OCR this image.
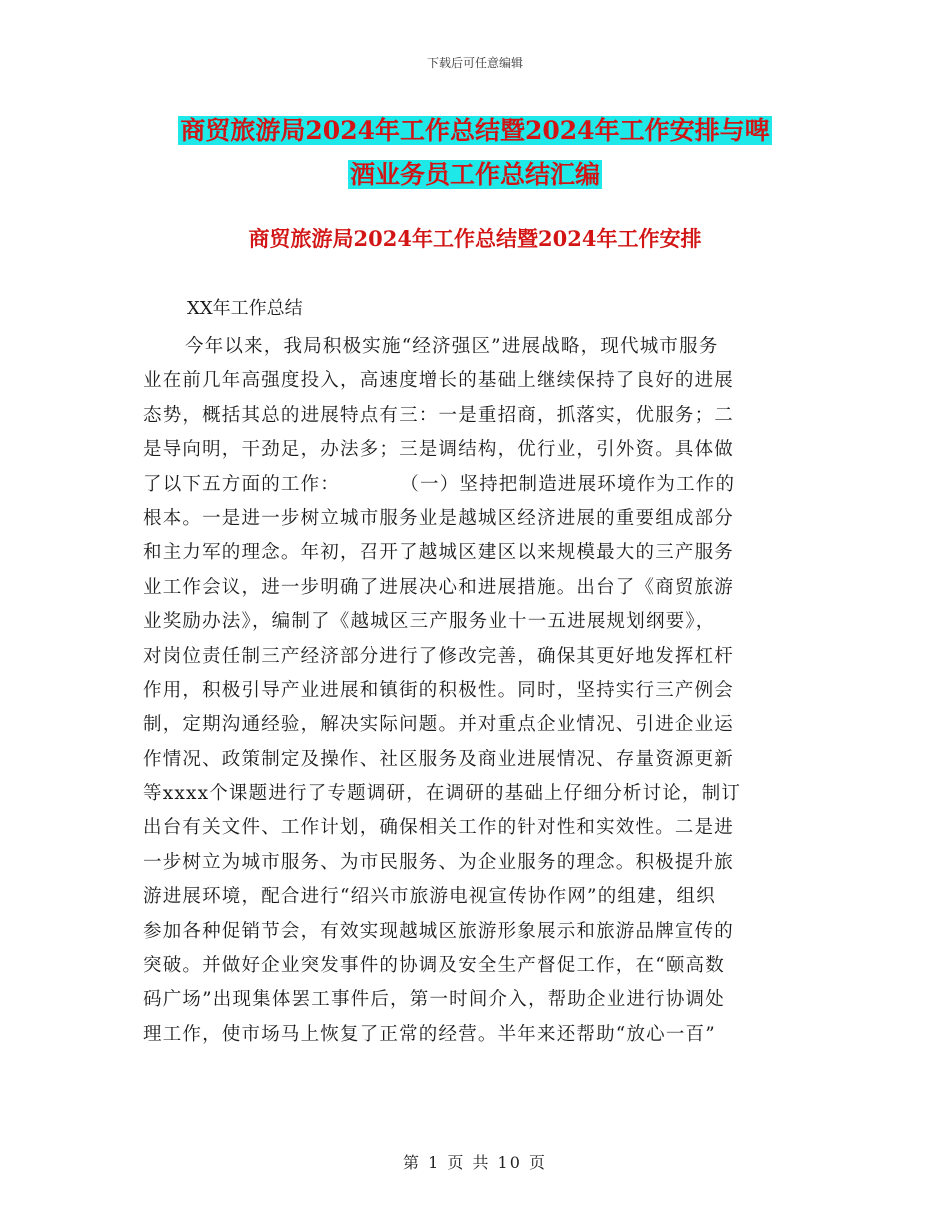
下载后可任意编辑
商贸旅游局2024年工作总结暨2024年工作安排与啤
酒业务员工作总结汇编
商贸旅游局2024年工作总结暨2024年工作安排
XX年工作总结
今年以来，我局积极实施“经济强区”进展战略，现代城市服务
业在前几年高强度投入，高速度增长的基础上继续保持了良好的进展
态势，概括其总的进展特点有三：一是重招商，抓落实，优服务；二
是导向明，干劲足，办法多；三是调结构，优行业，引外资。具体做
了以下五方面的工作：　　　　（一）坚持把制造进展环境作为工作的
根本。一是进一步树立城市服务业是越城区经济进展的重要组成部分
和主力军的理念。年初，召开了越城区建区以来规模最大的三产服务
业工作会议，进一步明确了进展决心和进展措施。出台了《商贸旅游
业奖励办法》，编制了《越城区三产服务业十一五进展规划纲要》，
对岗位责任制三产经济部分进行了修改完善，确保其更好地发挥杠杆
作用，积极引导产业进展和镇街的积极性。同时，坚持实行三产例会
制，定期沟通经验，解决实际问题。并对重点企业情况、引进企业运
作情况、政策制定及操作、社区服务及商业进展情况、存量资源更新
等xxxx个课题进行了专题调研，在调研的基础上仔细分析讨论，制订
出台有关文件、工作计划，确保相关工作的针对性和实效性。二是进
一步树立为城市服务、为市民服务、为企业服务的理念。积极提升旅
游进展环境，配合进行“绍兴市旅游电视宣传协作网”的组建，组织
参加各种促销节会，有效实现越城区旅游形象展示和旅游品牌宣传的
突破。并做好企业突发事件的协调及安全生产督促工作，在“颐高数
码广场”出现集体罢工事件后，第一时间介入，帮助企业进行协调处
理工作，使市场马上恢复了正常的经营。半年来还帮助“放心一百”
第 1 页 共 10 页
